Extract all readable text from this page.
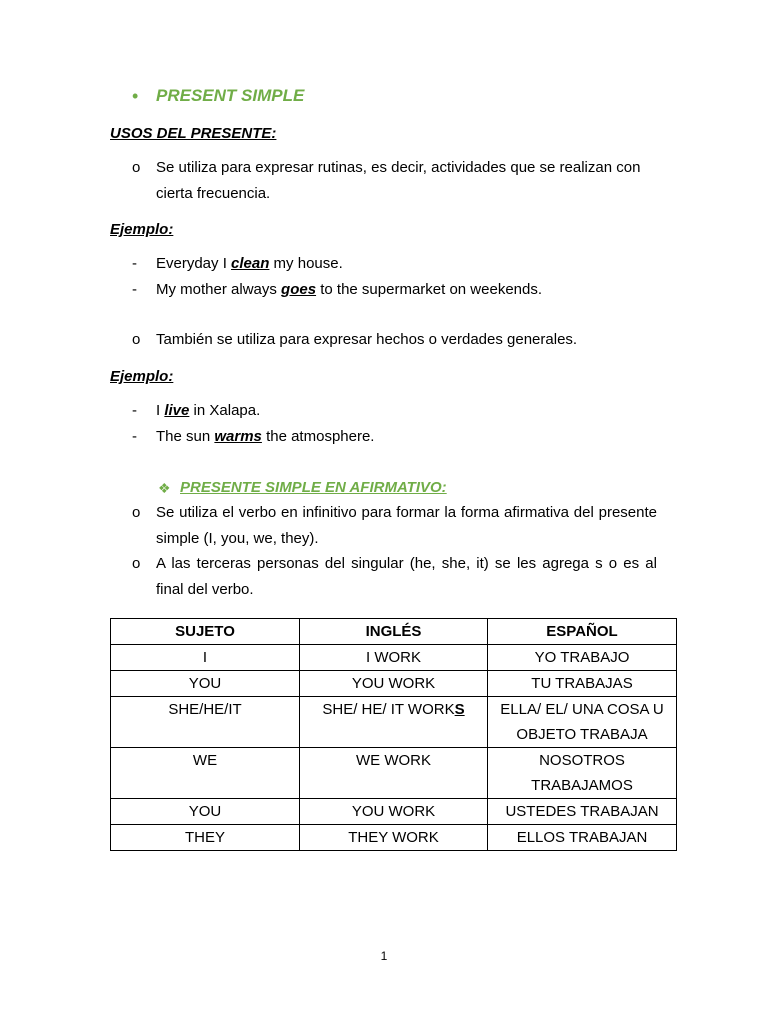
• PRESENT SIMPLE
USOS DEL PRESENTE:
o Se utiliza para expresar rutinas, es decir, actividades que se realizan con cierta frecuencia.
Ejemplo:
- Everyday I clean my house.
- My mother always goes to the supermarket on weekends.
o También se utiliza para expresar hechos o verdades generales.
Ejemplo:
- I live in Xalapa.
- The sun warms the atmosphere.
❖ PRESENTE SIMPLE EN AFIRMATIVO:
o Se utiliza el verbo en infinitivo para formar la forma afirmativa del presente simple (I, you, we, they).
o A las terceras personas del singular (he, she, it) se les agrega s o es al final del verbo.
SUJETO	INGLÉS	ESPAÑOL
I	I WORK	YO TRABAJO
YOU	YOU WORK	TU TRABAJAS
SHE/HE/IT	SHE/ HE/ IT WORKS	ELLA/ EL/ UNA COSA U OBJETO TRABAJA
WE	WE WORK	NOSOTROS TRABAJAMOS
YOU	YOU WORK	USTEDES TRABAJAN
THEY	THEY WORK	ELLOS TRABAJAN
1
